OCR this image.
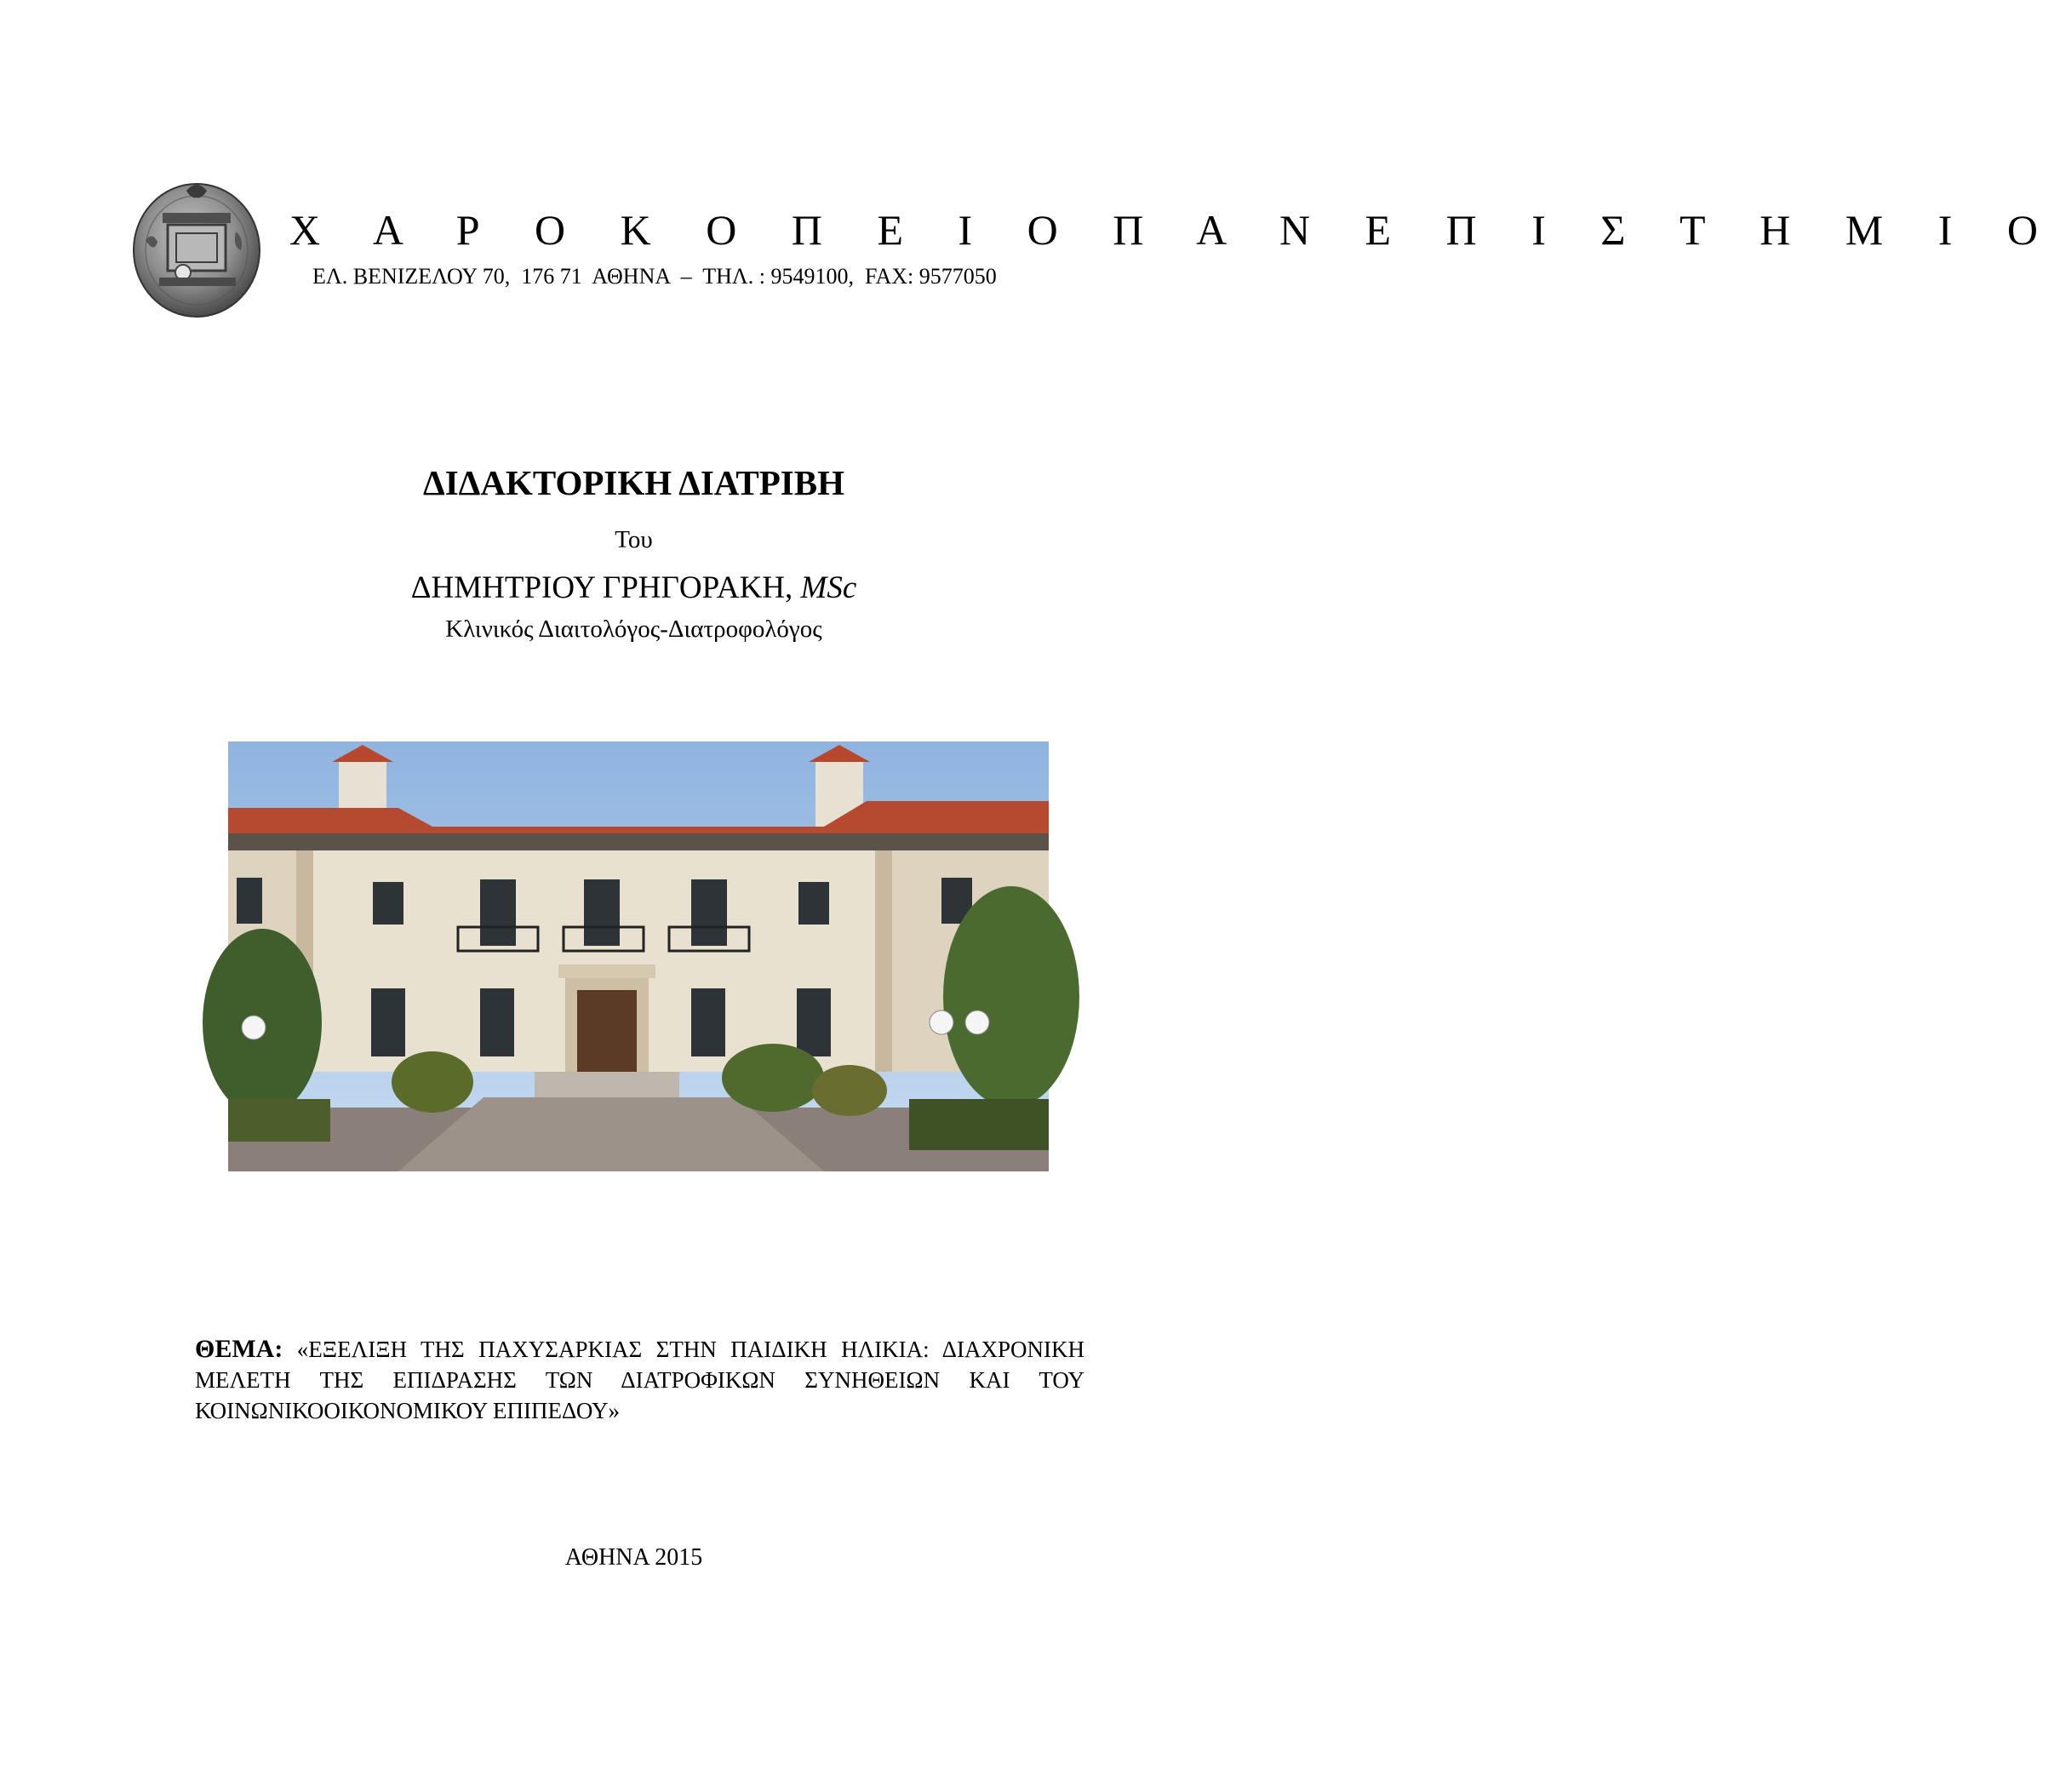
Χ Α Ρ Ο Κ Ο Π Ε Ι Ο Π Α Ν Ε Π Ι Σ Τ Η Μ Ι Ο
ΕΛ. ΒΕΝΙΖΕΛΟΥ 70,  176 71  ΑΘΗΝΑ  –  ΤΗΛ. : 9549100,  FAX: 9577050
ΔΙΔΑΚΤΟΡΙΚΗ ΔΙΑΤΡΙΒΗ
Του
ΔΗΜΗΤΡΙΟΥ ΓΡΗΓΟΡΑΚΗ, MSc
Κλινικός Διαιτολόγος-Διατροφολόγος
ΘΕΜΑ: «ΕΞΕΛΙΞΗ ΤΗΣ ΠΑΧΥΣΑΡΚΙΑΣ ΣΤΗΝ ΠΑΙΔΙΚΗ ΗΛΙΚΙΑ: ΔΙΑΧΡΟΝΙΚΗ ΜΕΛΕΤΗ ΤΗΣ ΕΠΙΔΡΑΣΗΣ ΤΩΝ ΔΙΑΤΡΟΦΙΚΩΝ ΣΥΝΗΘΕΙΩΝ ΚΑΙ ΤΟΥ ΚΟΙΝΩΝΙΚΟΟΙΚΟΝΟΜΙΚΟΥ ΕΠΙΠΕΔΟΥ»
ΑΘΗΝΑ 2015
